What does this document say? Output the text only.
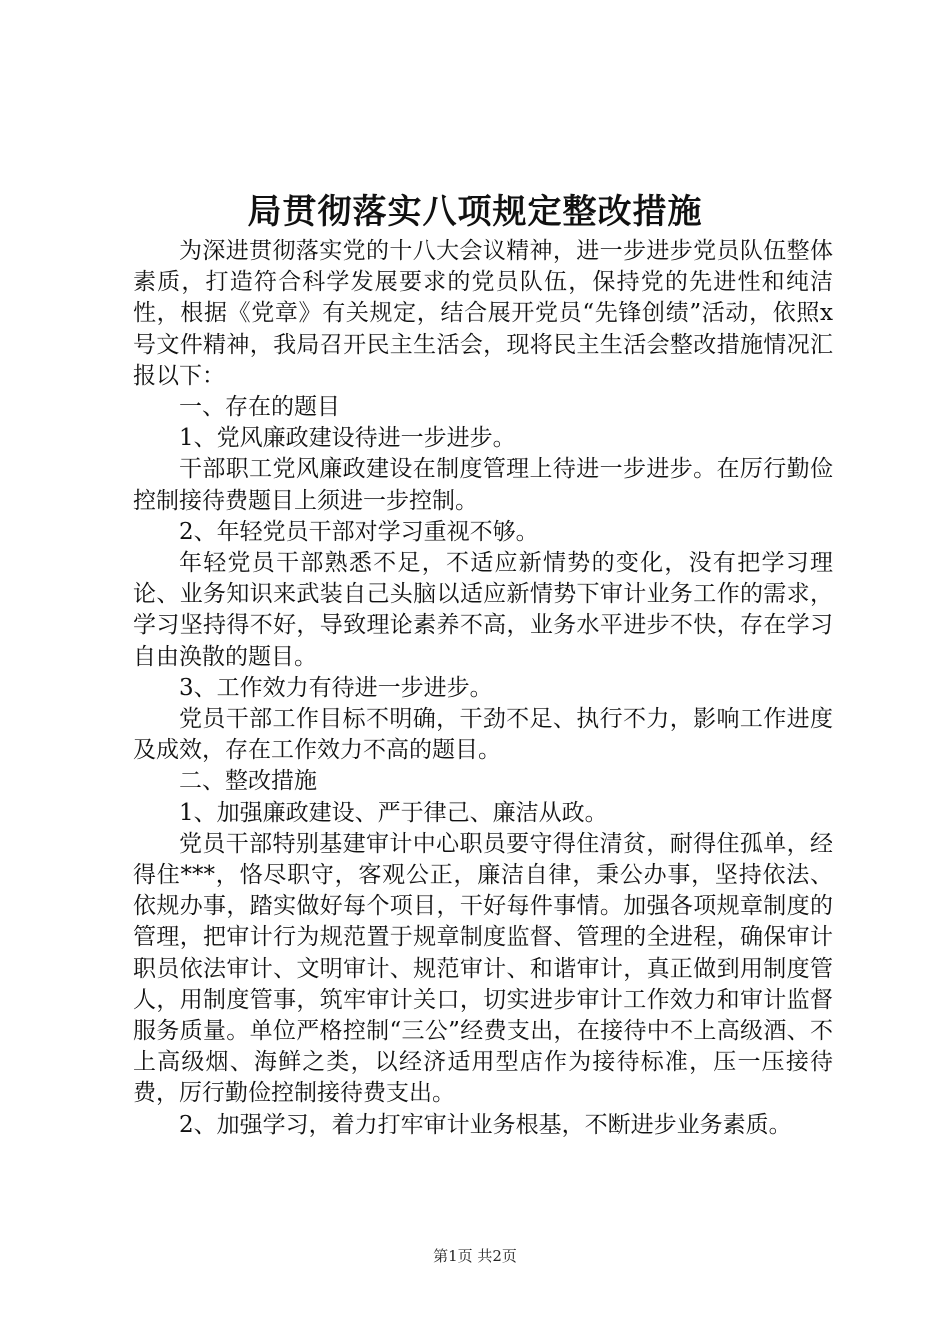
局贯彻落实八项规定整改措施

为深进贯彻落实党的十八大会议精神，进一步进步党员队伍整体素质，打造符合科学发展要求的党员队伍，保持党的先进性和纯洁性，根据《党章》有关规定，结合展开党员“先锋创绩”活动，依照x号文件精神，我局召开民主生活会，现将民主生活会整改措施情况汇报以下：

一、存在的题目

1、党风廉政建设待进一步进步。

干部职工党风廉政建设在制度管理上待进一步进步。在厉行勤俭控制接待费题目上须进一步控制。

2、年轻党员干部对学习重视不够。

年轻党员干部熟悉不足，不适应新情势的变化，没有把学习理论、业务知识来武装自己头脑以适应新情势下审计业务工作的需求，学习坚持得不好，导致理论素养不高，业务水平进步不快，存在学习自由涣散的题目。

3、工作效力有待进一步进步。

党员干部工作目标不明确，干劲不足、执行不力，影响工作进度及成效，存在工作效力不高的题目。

二、整改措施

1、加强廉政建设、严于律己、廉洁从政。

党员干部特别基建审计中心职员要守得住清贫，耐得住孤单，经得住***，恪尽职守，客观公正，廉洁自律，秉公办事，坚持依法、依规办事，踏实做好每个项目，干好每件事情。加强各项规章制度的管理，把审计行为规范置于规章制度监督、管理的全进程，确保审计职员依法审计、文明审计、规范审计、和谐审计，真正做到用制度管人，用制度管事，筑牢审计关口，切实进步审计工作效力和审计监督服务质量。单位严格控制“三公”经费支出，在接待中不上高级酒、不上高级烟、海鲜之类，以经济适用型店作为接待标准，压一压接待费，厉行勤俭控制接待费支出。

2、加强学习，着力打牢审计业务根基，不断进步业务素质。

第1页 共2页
